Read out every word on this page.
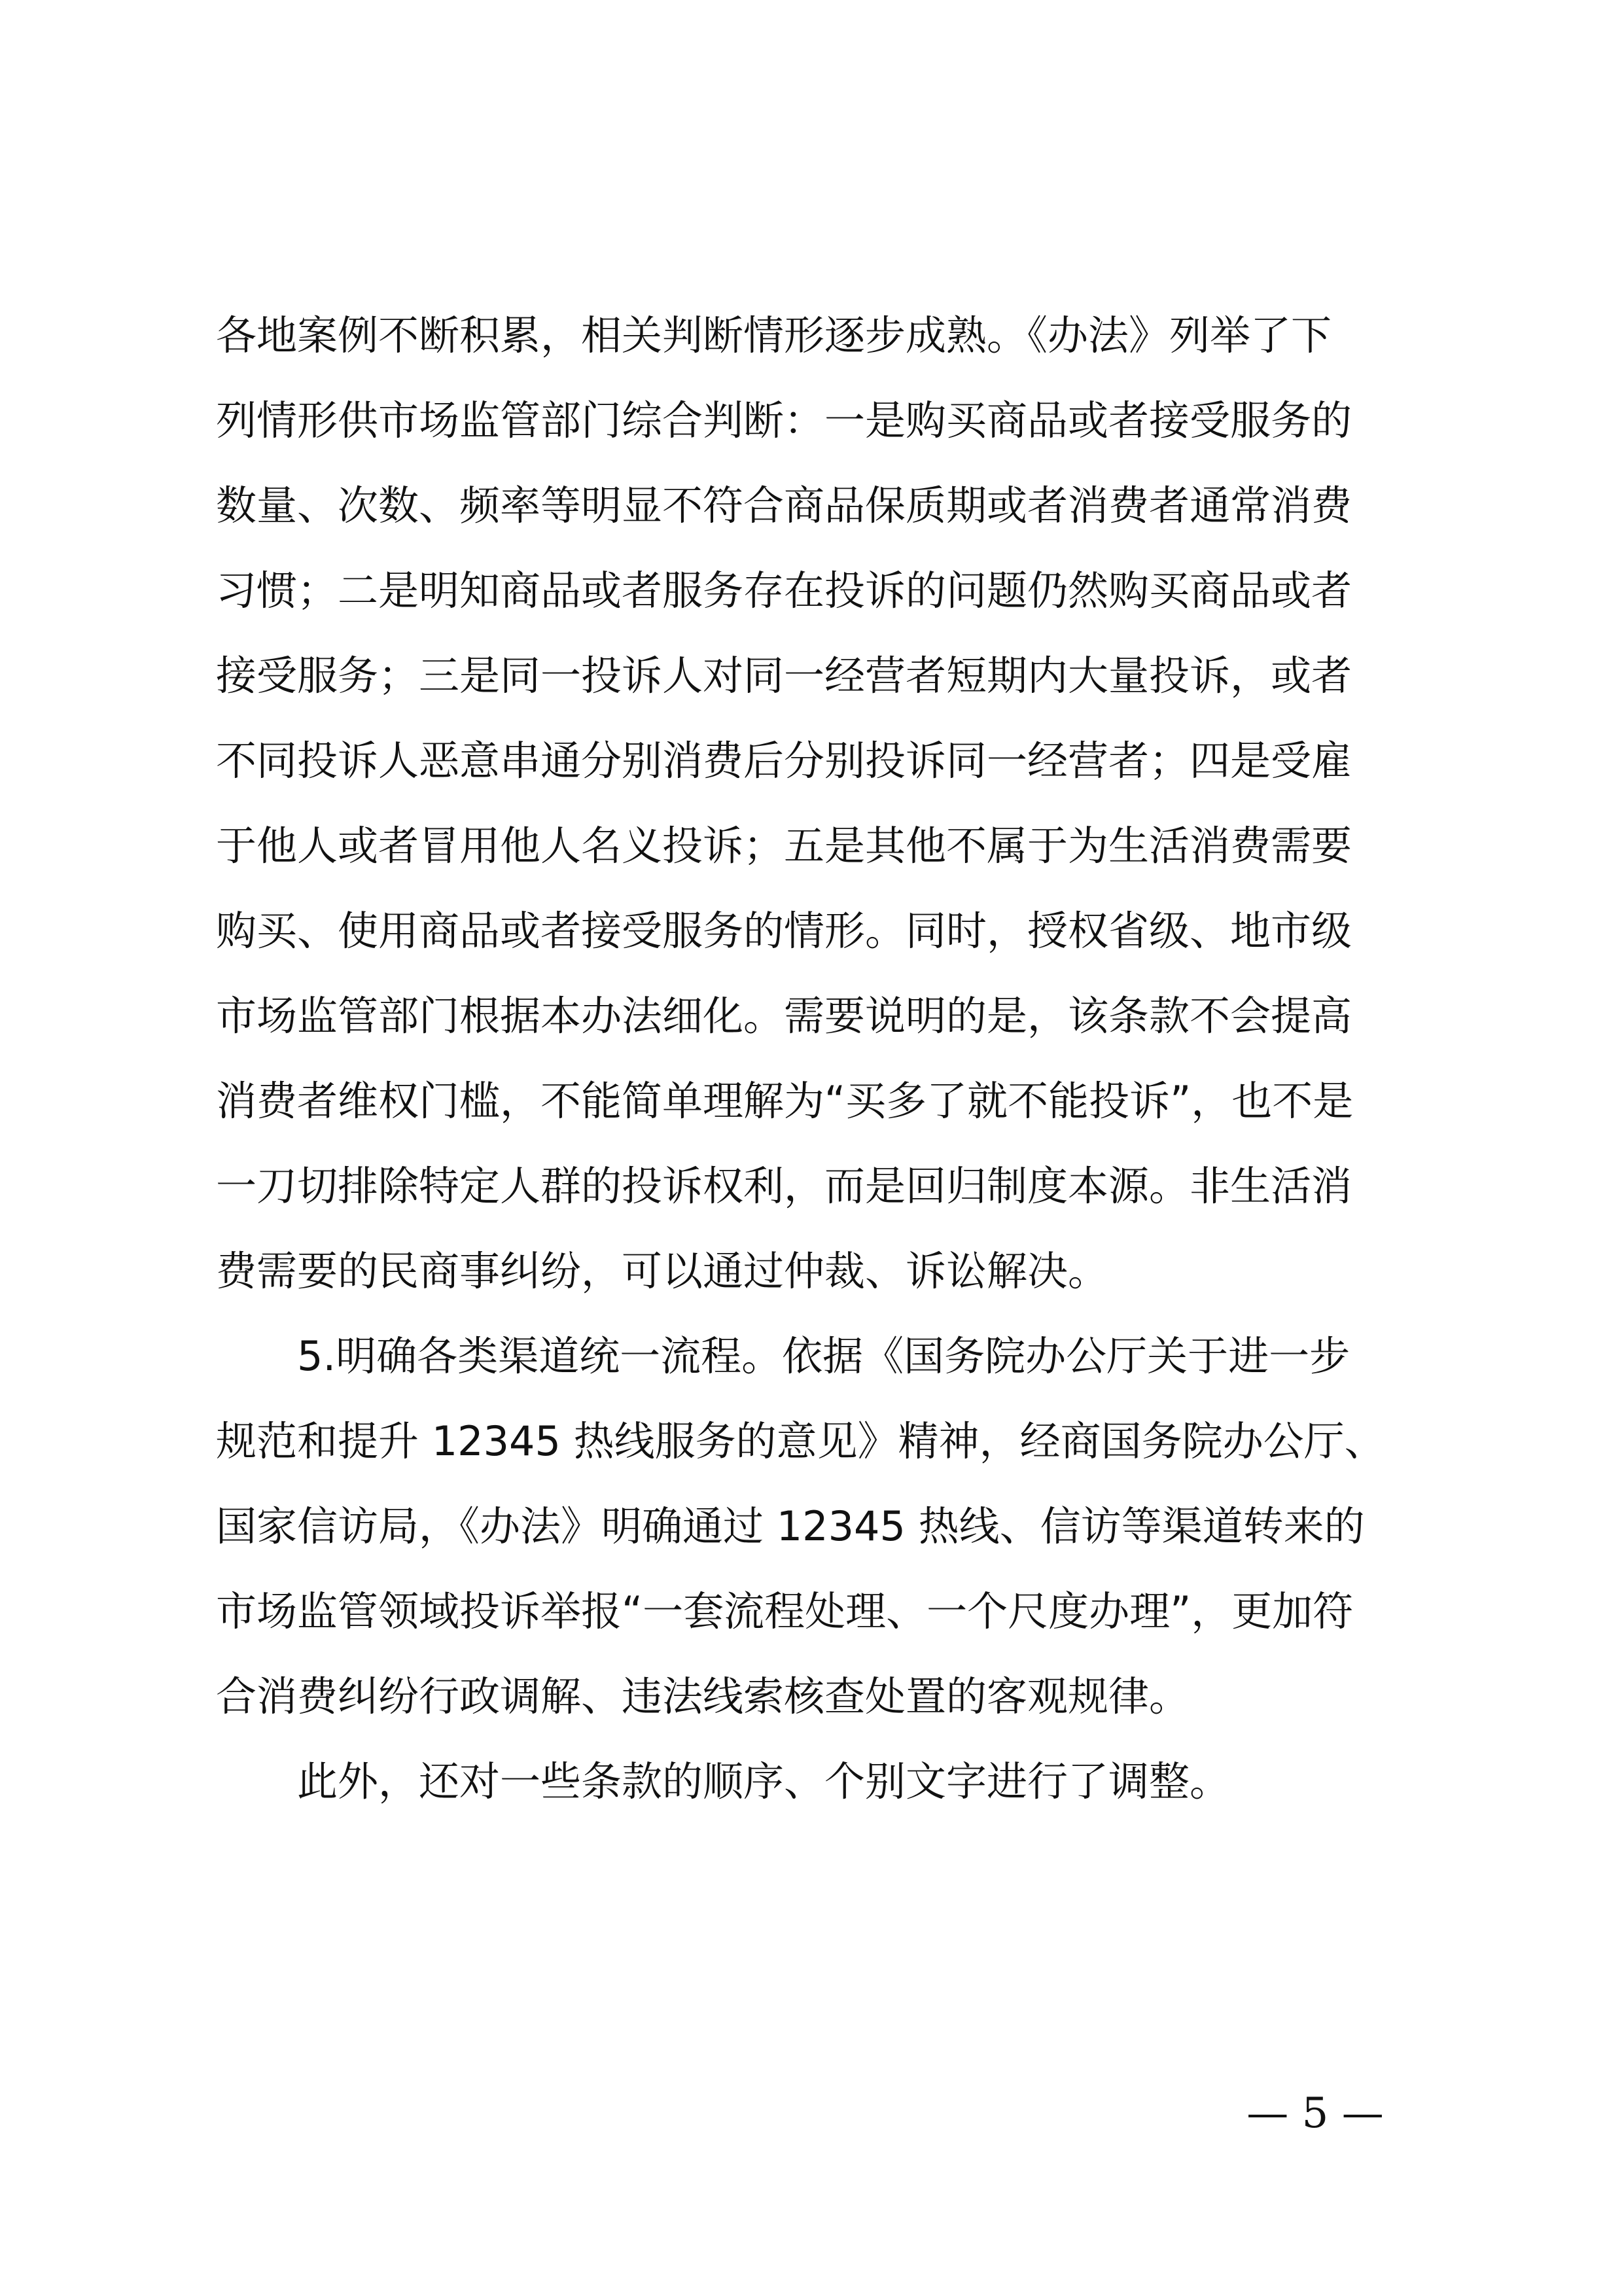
各地案例不断积累，相关判断情形逐步成熟。《办法》列举了下
列情形供市场监管部门综合判断：一是购买商品或者接受服务的
数量、次数、频率等明显不符合商品保质期或者消费者通常消费
习惯；二是明知商品或者服务存在投诉的问题仍然购买商品或者
接受服务；三是同一投诉人对同一经营者短期内大量投诉，或者
不同投诉人恶意串通分别消费后分别投诉同一经营者；四是受雇
于他人或者冒用他人名义投诉；五是其他不属于为生活消费需要
购买、使用商品或者接受服务的情形。同时，授权省级、地市级
市场监管部门根据本办法细化。需要说明的是，该条款不会提高
消费者维权门槛，不能简单理解为“买多了就不能投诉”，也不是
一刀切排除特定人群的投诉权利，而是回归制度本源。非生活消
费需要的民商事纠纷，可以通过仲裁、诉讼解决。

5.明确各类渠道统一流程。依据《国务院办公厅关于进一步
规范和提升 12345 热线服务的意见》精神，经商国务院办公厅、
国家信访局，《办法》明确通过 12345 热线、信访等渠道转来的
市场监管领域投诉举报“一套流程处理、一个尺度办理”，更加符
合消费纠纷行政调解、违法线索核查处置的客观规律。

此外，还对一些条款的顺序、个别文字进行了调整。

— 5 —
